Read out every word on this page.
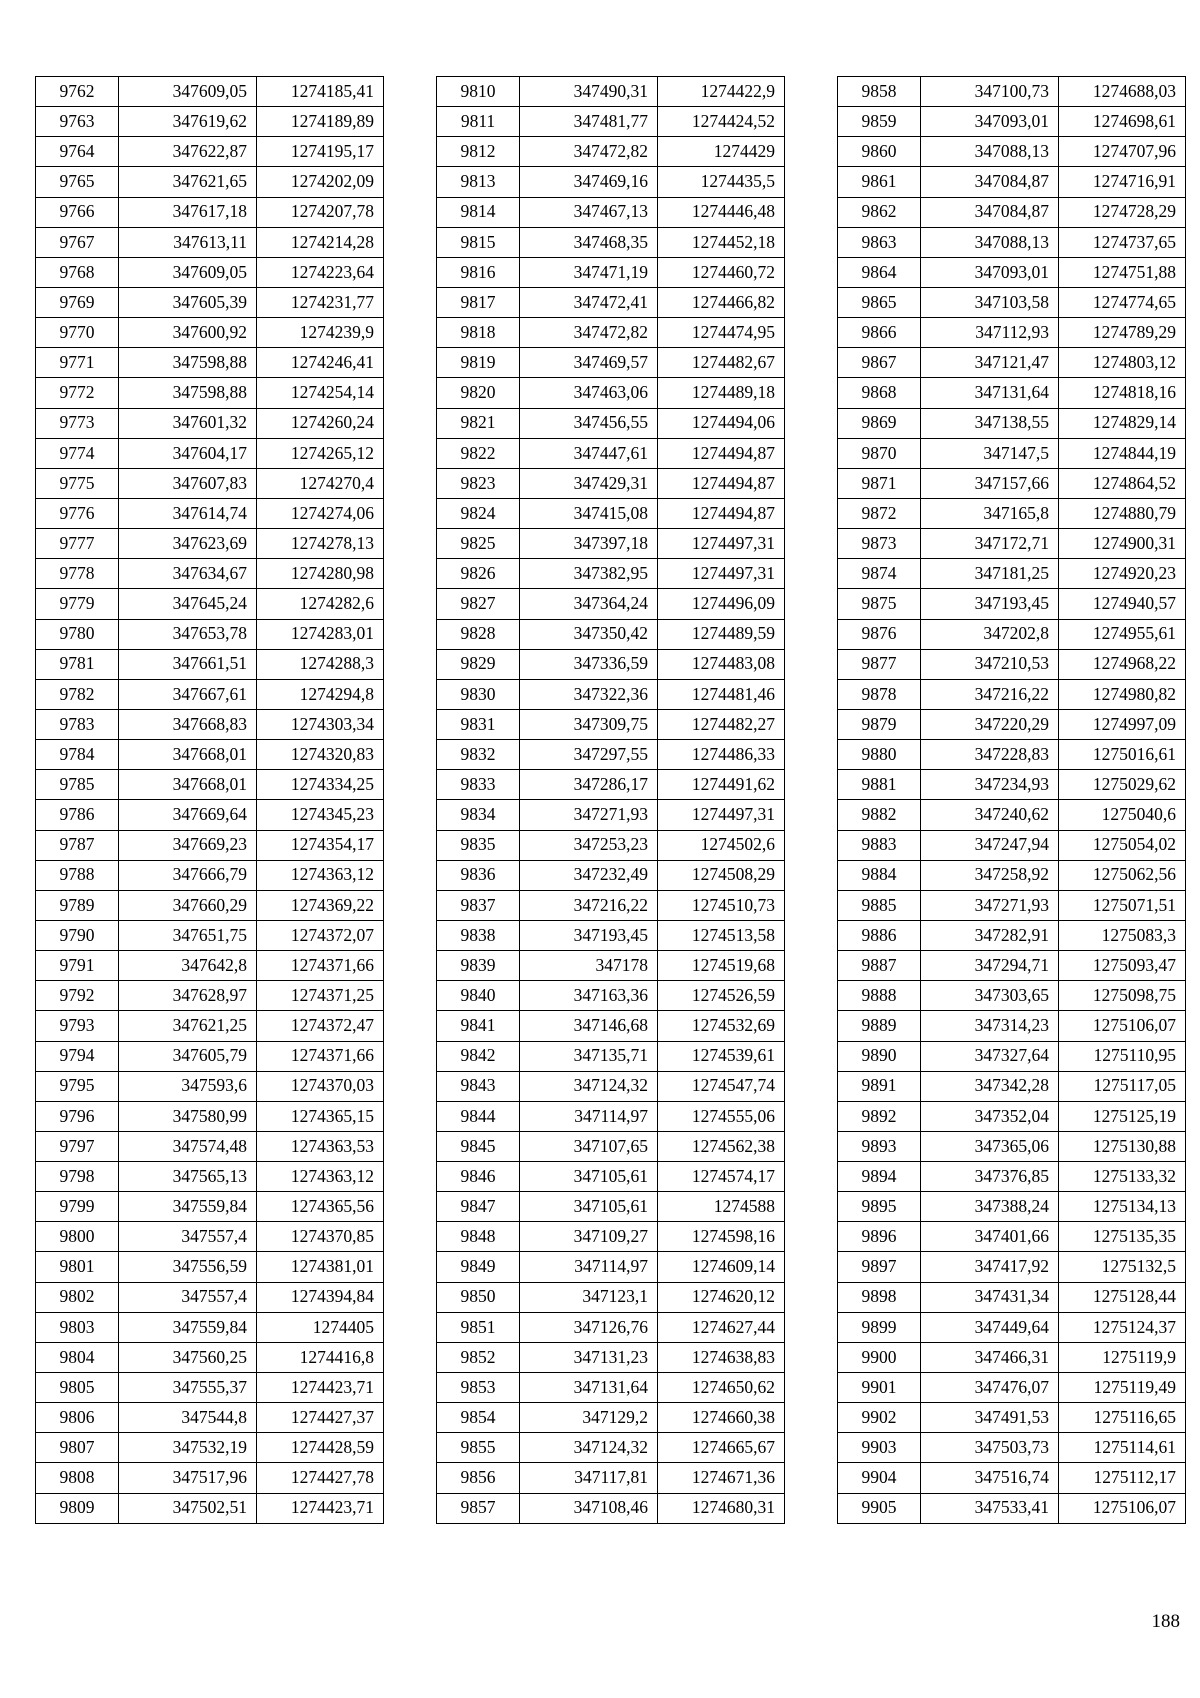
9762	347609,05	1274185,41
9763	347619,62	1274189,89
9764	347622,87	1274195,17
9765	347621,65	1274202,09
9766	347617,18	1274207,78
9767	347613,11	1274214,28
9768	347609,05	1274223,64
9769	347605,39	1274231,77
9770	347600,92	1274239,9
9771	347598,88	1274246,41
9772	347598,88	1274254,14
9773	347601,32	1274260,24
9774	347604,17	1274265,12
9775	347607,83	1274270,4
9776	347614,74	1274274,06
9777	347623,69	1274278,13
9778	347634,67	1274280,98
9779	347645,24	1274282,6
9780	347653,78	1274283,01
9781	347661,51	1274288,3
9782	347667,61	1274294,8
9783	347668,83	1274303,34
9784	347668,01	1274320,83
9785	347668,01	1274334,25
9786	347669,64	1274345,23
9787	347669,23	1274354,17
9788	347666,79	1274363,12
9789	347660,29	1274369,22
9790	347651,75	1274372,07
9791	347642,8	1274371,66
9792	347628,97	1274371,25
9793	347621,25	1274372,47
9794	347605,79	1274371,66
9795	347593,6	1274370,03
9796	347580,99	1274365,15
9797	347574,48	1274363,53
9798	347565,13	1274363,12
9799	347559,84	1274365,56
9800	347557,4	1274370,85
9801	347556,59	1274381,01
9802	347557,4	1274394,84
9803	347559,84	1274405
9804	347560,25	1274416,8
9805	347555,37	1274423,71
9806	347544,8	1274427,37
9807	347532,19	1274428,59
9808	347517,96	1274427,78
9809	347502,51	1274423,71
9810	347490,31	1274422,9
9811	347481,77	1274424,52
9812	347472,82	1274429
9813	347469,16	1274435,5
9814	347467,13	1274446,48
9815	347468,35	1274452,18
9816	347471,19	1274460,72
9817	347472,41	1274466,82
9818	347472,82	1274474,95
9819	347469,57	1274482,67
9820	347463,06	1274489,18
9821	347456,55	1274494,06
9822	347447,61	1274494,87
9823	347429,31	1274494,87
9824	347415,08	1274494,87
9825	347397,18	1274497,31
9826	347382,95	1274497,31
9827	347364,24	1274496,09
9828	347350,42	1274489,59
9829	347336,59	1274483,08
9830	347322,36	1274481,46
9831	347309,75	1274482,27
9832	347297,55	1274486,33
9833	347286,17	1274491,62
9834	347271,93	1274497,31
9835	347253,23	1274502,6
9836	347232,49	1274508,29
9837	347216,22	1274510,73
9838	347193,45	1274513,58
9839	347178	1274519,68
9840	347163,36	1274526,59
9841	347146,68	1274532,69
9842	347135,71	1274539,61
9843	347124,32	1274547,74
9844	347114,97	1274555,06
9845	347107,65	1274562,38
9846	347105,61	1274574,17
9847	347105,61	1274588
9848	347109,27	1274598,16
9849	347114,97	1274609,14
9850	347123,1	1274620,12
9851	347126,76	1274627,44
9852	347131,23	1274638,83
9853	347131,64	1274650,62
9854	347129,2	1274660,38
9855	347124,32	1274665,67
9856	347117,81	1274671,36
9857	347108,46	1274680,31
9858	347100,73	1274688,03
9859	347093,01	1274698,61
9860	347088,13	1274707,96
9861	347084,87	1274716,91
9862	347084,87	1274728,29
9863	347088,13	1274737,65
9864	347093,01	1274751,88
9865	347103,58	1274774,65
9866	347112,93	1274789,29
9867	347121,47	1274803,12
9868	347131,64	1274818,16
9869	347138,55	1274829,14
9870	347147,5	1274844,19
9871	347157,66	1274864,52
9872	347165,8	1274880,79
9873	347172,71	1274900,31
9874	347181,25	1274920,23
9875	347193,45	1274940,57
9876	347202,8	1274955,61
9877	347210,53	1274968,22
9878	347216,22	1274980,82
9879	347220,29	1274997,09
9880	347228,83	1275016,61
9881	347234,93	1275029,62
9882	347240,62	1275040,6
9883	347247,94	1275054,02
9884	347258,92	1275062,56
9885	347271,93	1275071,51
9886	347282,91	1275083,3
9887	347294,71	1275093,47
9888	347303,65	1275098,75
9889	347314,23	1275106,07
9890	347327,64	1275110,95
9891	347342,28	1275117,05
9892	347352,04	1275125,19
9893	347365,06	1275130,88
9894	347376,85	1275133,32
9895	347388,24	1275134,13
9896	347401,66	1275135,35
9897	347417,92	1275132,5
9898	347431,34	1275128,44
9899	347449,64	1275124,37
9900	347466,31	1275119,9
9901	347476,07	1275119,49
9902	347491,53	1275116,65
9903	347503,73	1275114,61
9904	347516,74	1275112,17
9905	347533,41	1275106,07
188
